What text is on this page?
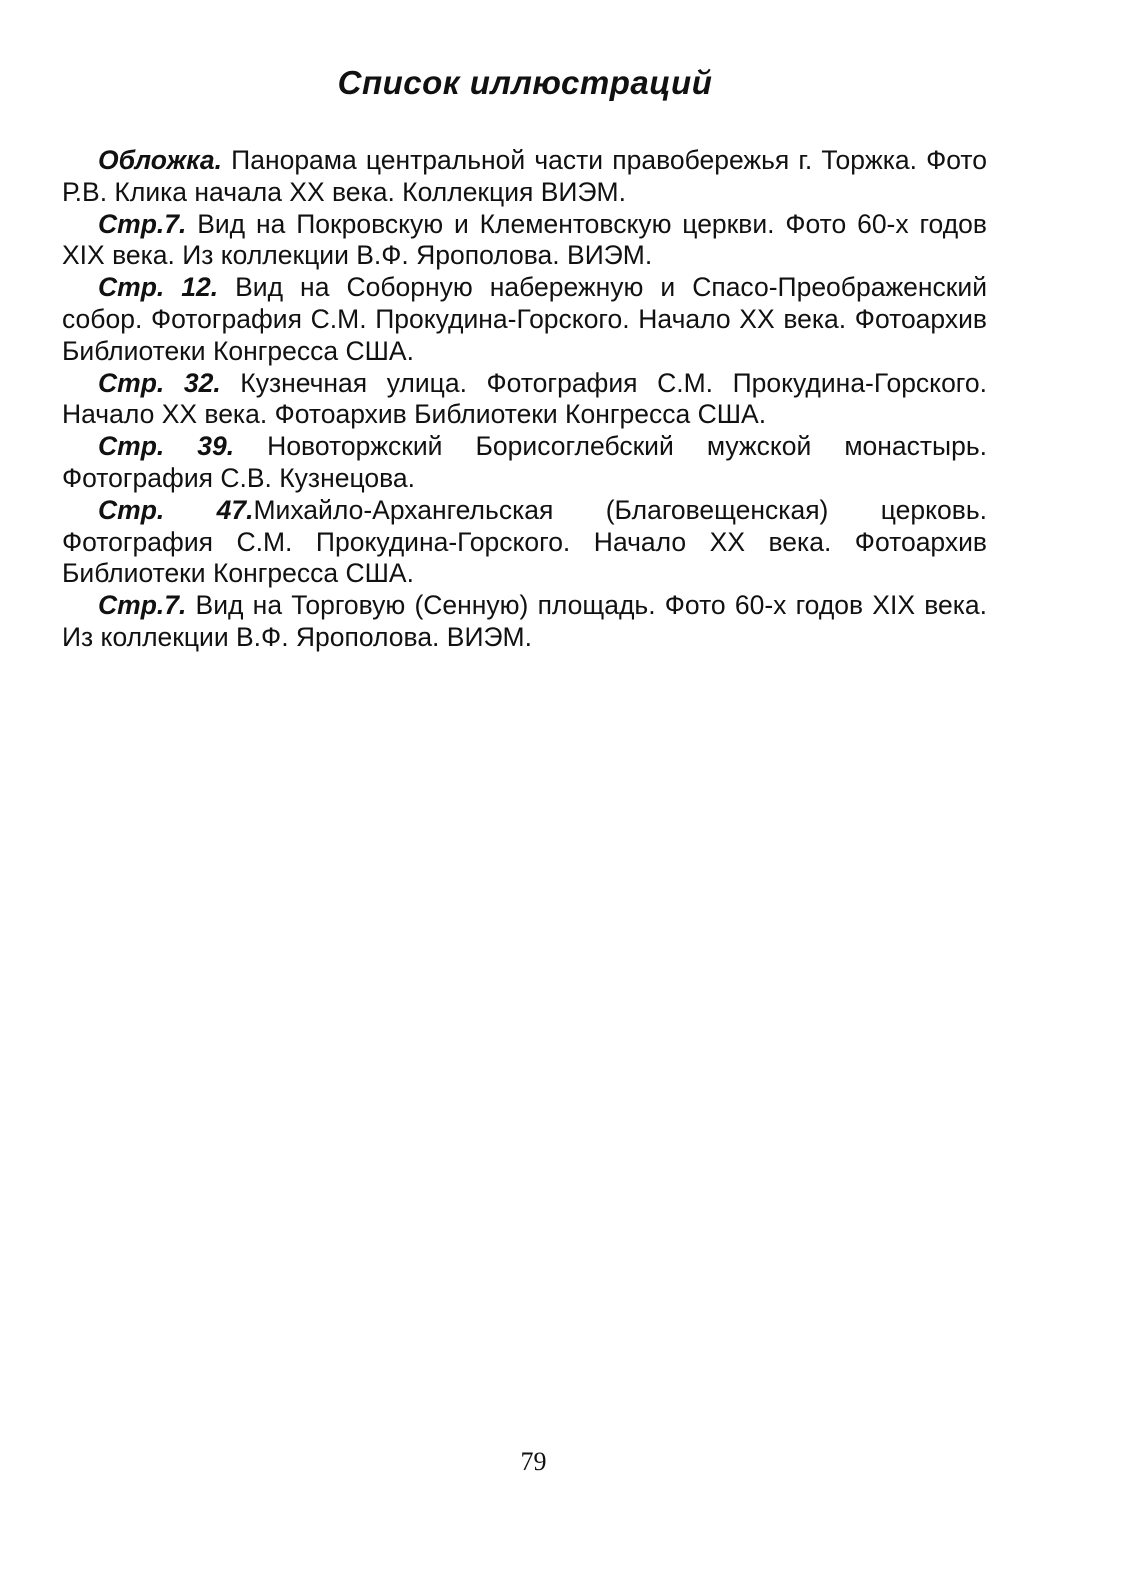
Список иллюстраций

Обложка. Панорама центральной части правобережья г. Торжка. Фото Р.В. Клика начала ХХ века. Коллекция ВИЭМ.

Стр.7. Вид на Покровскую и Клементовскую церкви. Фото 60-х годов XIX века. Из коллекции В.Ф. Ярополова. ВИЭМ.

Стр. 12. Вид на Соборную набережную и Спасо-Преображенский собор. Фотография С.М. Прокудина-Горского. Начало ХХ века. Фотоархив Библиотеки Конгресса США.

Стр. 32. Кузнечная улица. Фотография С.М. Прокудина-Горского. Начало ХХ века. Фотоархив Библиотеки Конгресса США.

Стр. 39. Новоторжский Борисоглебский мужской монастырь. Фотография С.В. Кузнецова.

Стр. 47.Михайло-Архангельская (Благовещенская) церковь. Фотография С.М. Прокудина-Горского. Начало ХХ века. Фотоархив Библиотеки Конгресса США.

Стр.7. Вид на Торговую (Сенную) площадь. Фото 60-х годов XIX века. Из коллекции В.Ф. Ярополова. ВИЭМ.

79
